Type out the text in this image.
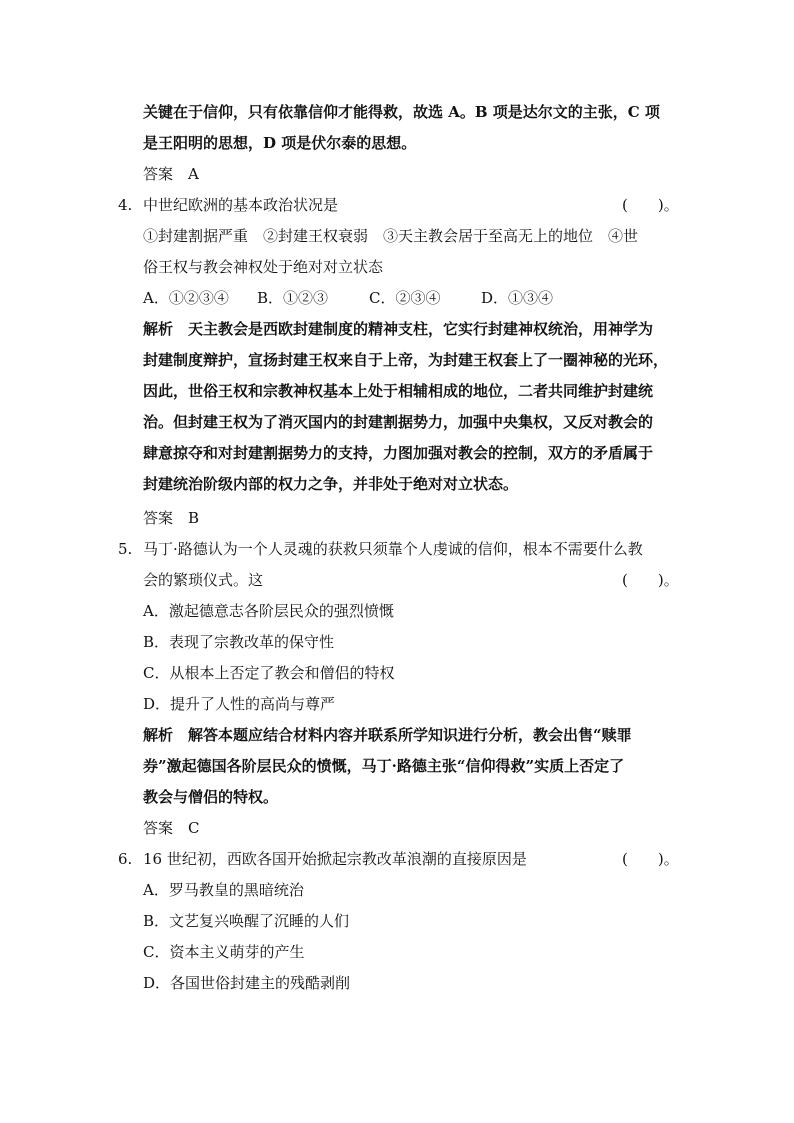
关键在于信仰，只有依靠信仰才能得救，故选 A。B 项是达尔文的主张，C 项
是王阳明的思想，D 项是伏尔泰的思想。
答案　A
4. 中世纪欧洲的基本政治状况是	(　　)。
①封建割据严重　②封建王权衰弱　③天主教会居于至高无上的地位　④世
俗王权与教会神权处于绝对对立状态
A．①②③④ B．①②③	C．②③④	D．①③④
解析　天主教会是西欧封建制度的精神支柱，它实行封建神权统治，用神学为
封建制度辩护，宣扬封建王权来自于上帝，为封建王权套上了一圈神秘的光环，
因此，世俗王权和宗教神权基本上处于相辅相成的地位，二者共同维护封建统
治。但封建王权为了消灭国内的封建割据势力，加强中央集权，又反对教会的
肆意掠夺和对封建割据势力的支持，力图加强对教会的控制，双方的矛盾属于
封建统治阶级内部的权力之争，并非处于绝对对立状态。
答案　B
5. 马丁·路德认为一个人灵魂的获救只须靠个人虔诚的信仰，根本不需要什么教
会的繁琐仪式。这	(　　)。
A．激起德意志各阶层民众的强烈愤慨
B．表现了宗教改革的保守性
C．从根本上否定了教会和僧侣的特权
D．提升了人性的高尚与尊严
解析　解答本题应结合材料内容并联系所学知识进行分析，教会出售“赎罪
券”激起德国各阶层民众的愤慨，马丁·路德主张“信仰得救”实质上否定了
教会与僧侣的特权。
答案　C
6. 16 世纪初，西欧各国开始掀起宗教改革浪潮的直接原因是	(　　)。
A．罗马教皇的黑暗统治
B．文艺复兴唤醒了沉睡的人们
C．资本主义萌芽的产生
D．各国世俗封建主的残酷剥削
